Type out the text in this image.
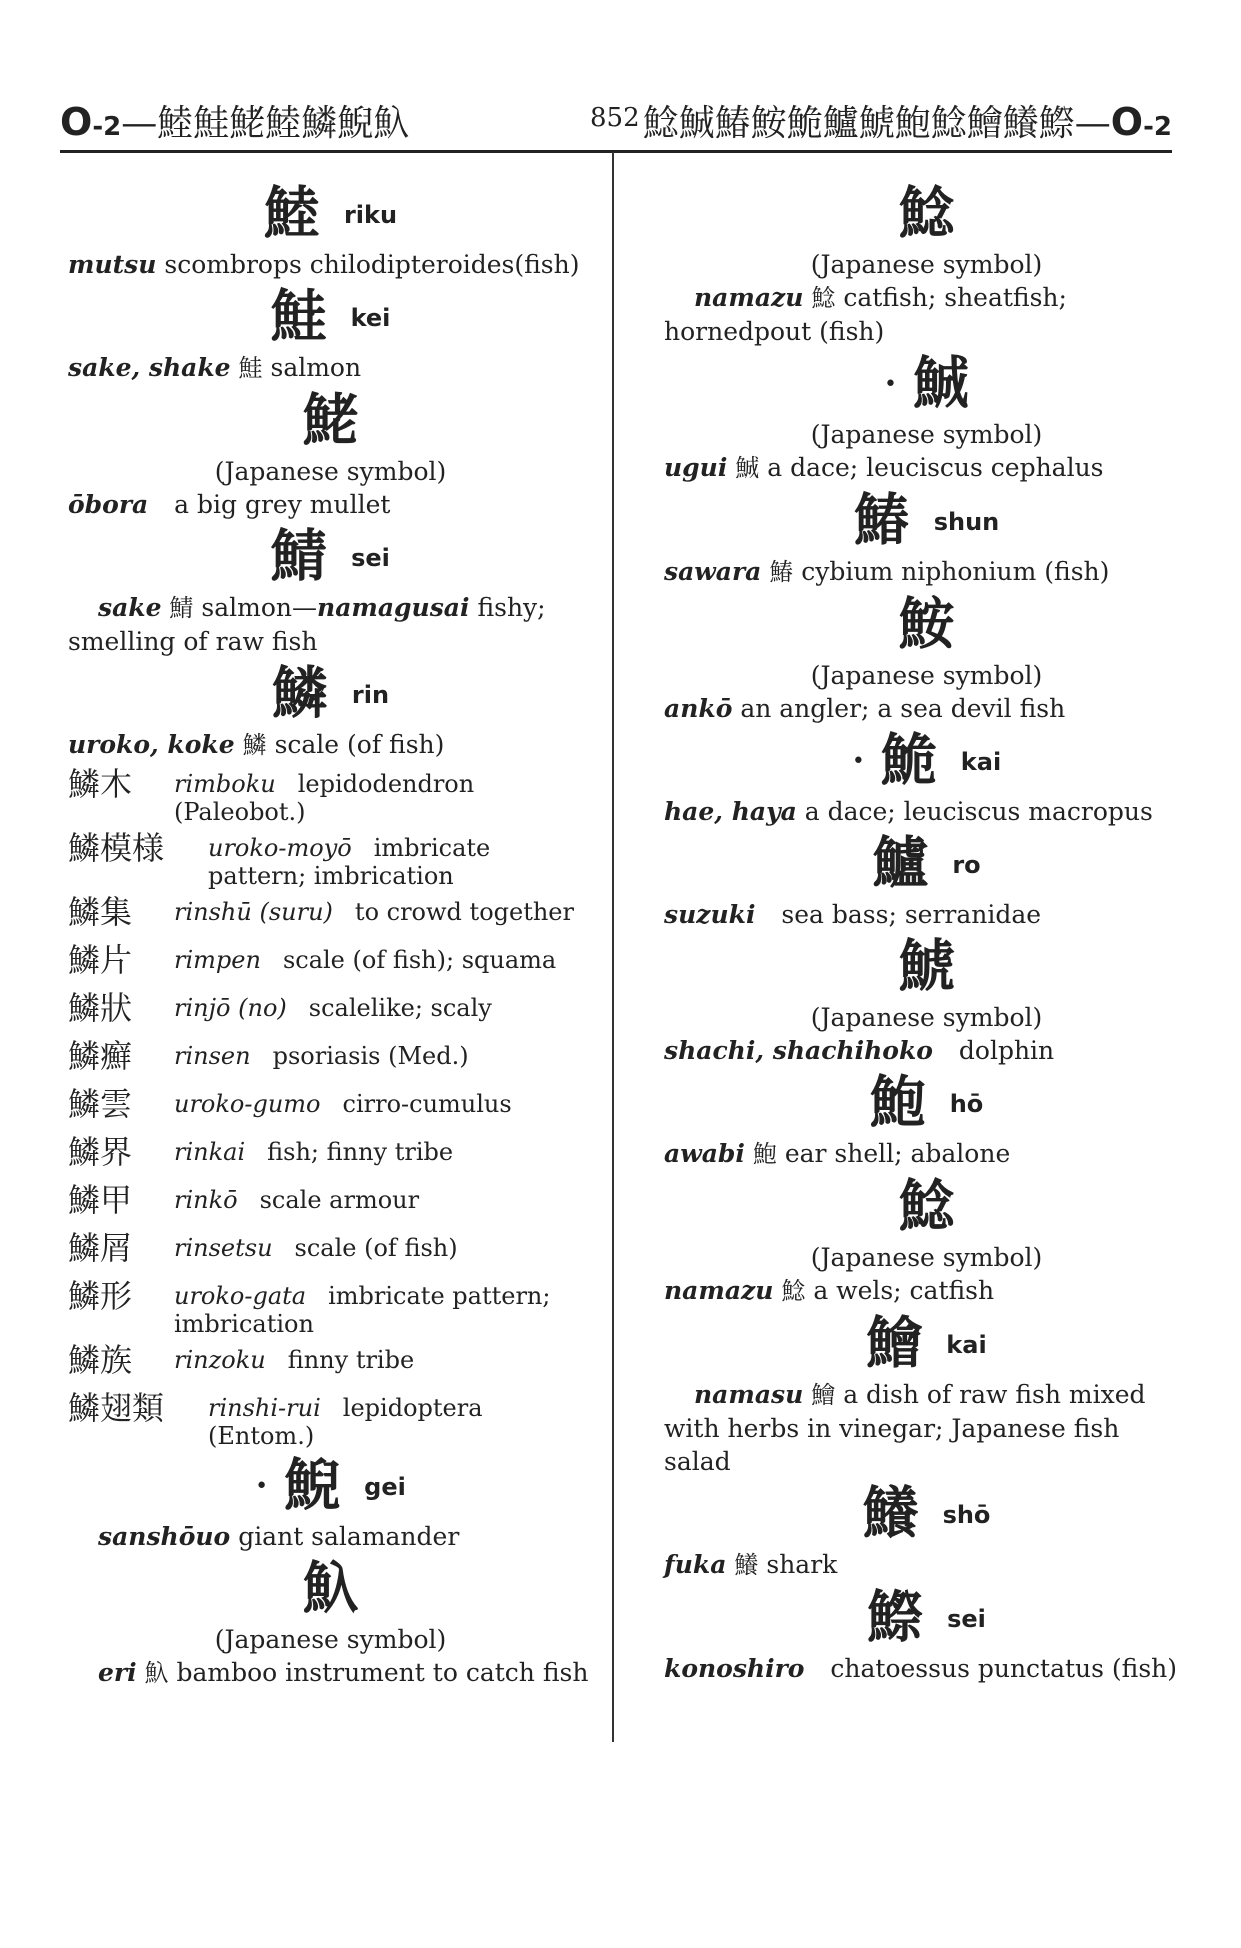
O-2—鯥鮭鮱鯥鱗鯢魞	852 鯰鯎鰆鮟鮠鱸鯱鮑鯰鱠鱶鰶—O-2
鯥 riku
mutsu scombrops chilodipteroides(fish)
鮭 kei
sake, shake 鮭 salmon
鮱
(Japanese symbol)
ōbora a big grey mullet
鯖 sei
sake 鯖 salmon—namagusai fishy; smelling of raw fish
鱗 rin
uroko, koke 鱗 scale (of fish)
鱗木	rimboku lepidodendron (Paleobot.)
鱗模様	uroko-moyō imbricate pattern; imbrication
鱗集	rinshū (suru) to crowd together
鱗片	rimpen scale (of fish); squama
鱗狀	rinjō (no) scalelike; scaly
鱗癬	rinsen psoriasis (Med.)
鱗雲	uroko-gumo cirro-cumulus
鱗界	rinkai fish; finny tribe
鱗甲	rinkō scale armour
鱗屑	rinsetsu scale (of fish)
鱗形	uroko-gata imbricate pattern; imbrication
鱗族	rinzoku finny tribe
鱗翅類	rinshi-rui lepidoptera (Entom.)
• 鯢 gei
sanshōuo giant salamander
魞
(Japanese symbol)
eri 魞 bamboo instrument to catch fish
鯰
(Japanese symbol)
namazu 鯰 catfish; sheatfish; hornedpout (fish)
• 鯎
(Japanese symbol)
ugui 鯎 a dace; leuciscus cephalus
鰆 shun
sawara 鰆 cybium niphonium (fish)
鮟
(Japanese symbol)
ankō an angler; a sea devil fish
• 鮠 kai
hae, haya a dace; leuciscus macropus
鱸 ro
suzuki sea bass; serranidae
鯱
(Japanese symbol)
shachi, shachihoko dolphin
鮑 hō
awabi 鮑 ear shell; abalone
鯰
(Japanese symbol)
namazu 鯰 a wels; catfish
鱠 kai
namasu 鱠 a dish of raw fish mixed with herbs in vinegar; Japanese fish salad
鱶 shō
fuka 鱶 shark
鰶 sei
konoshiro chatoessus punctatus (fish)
